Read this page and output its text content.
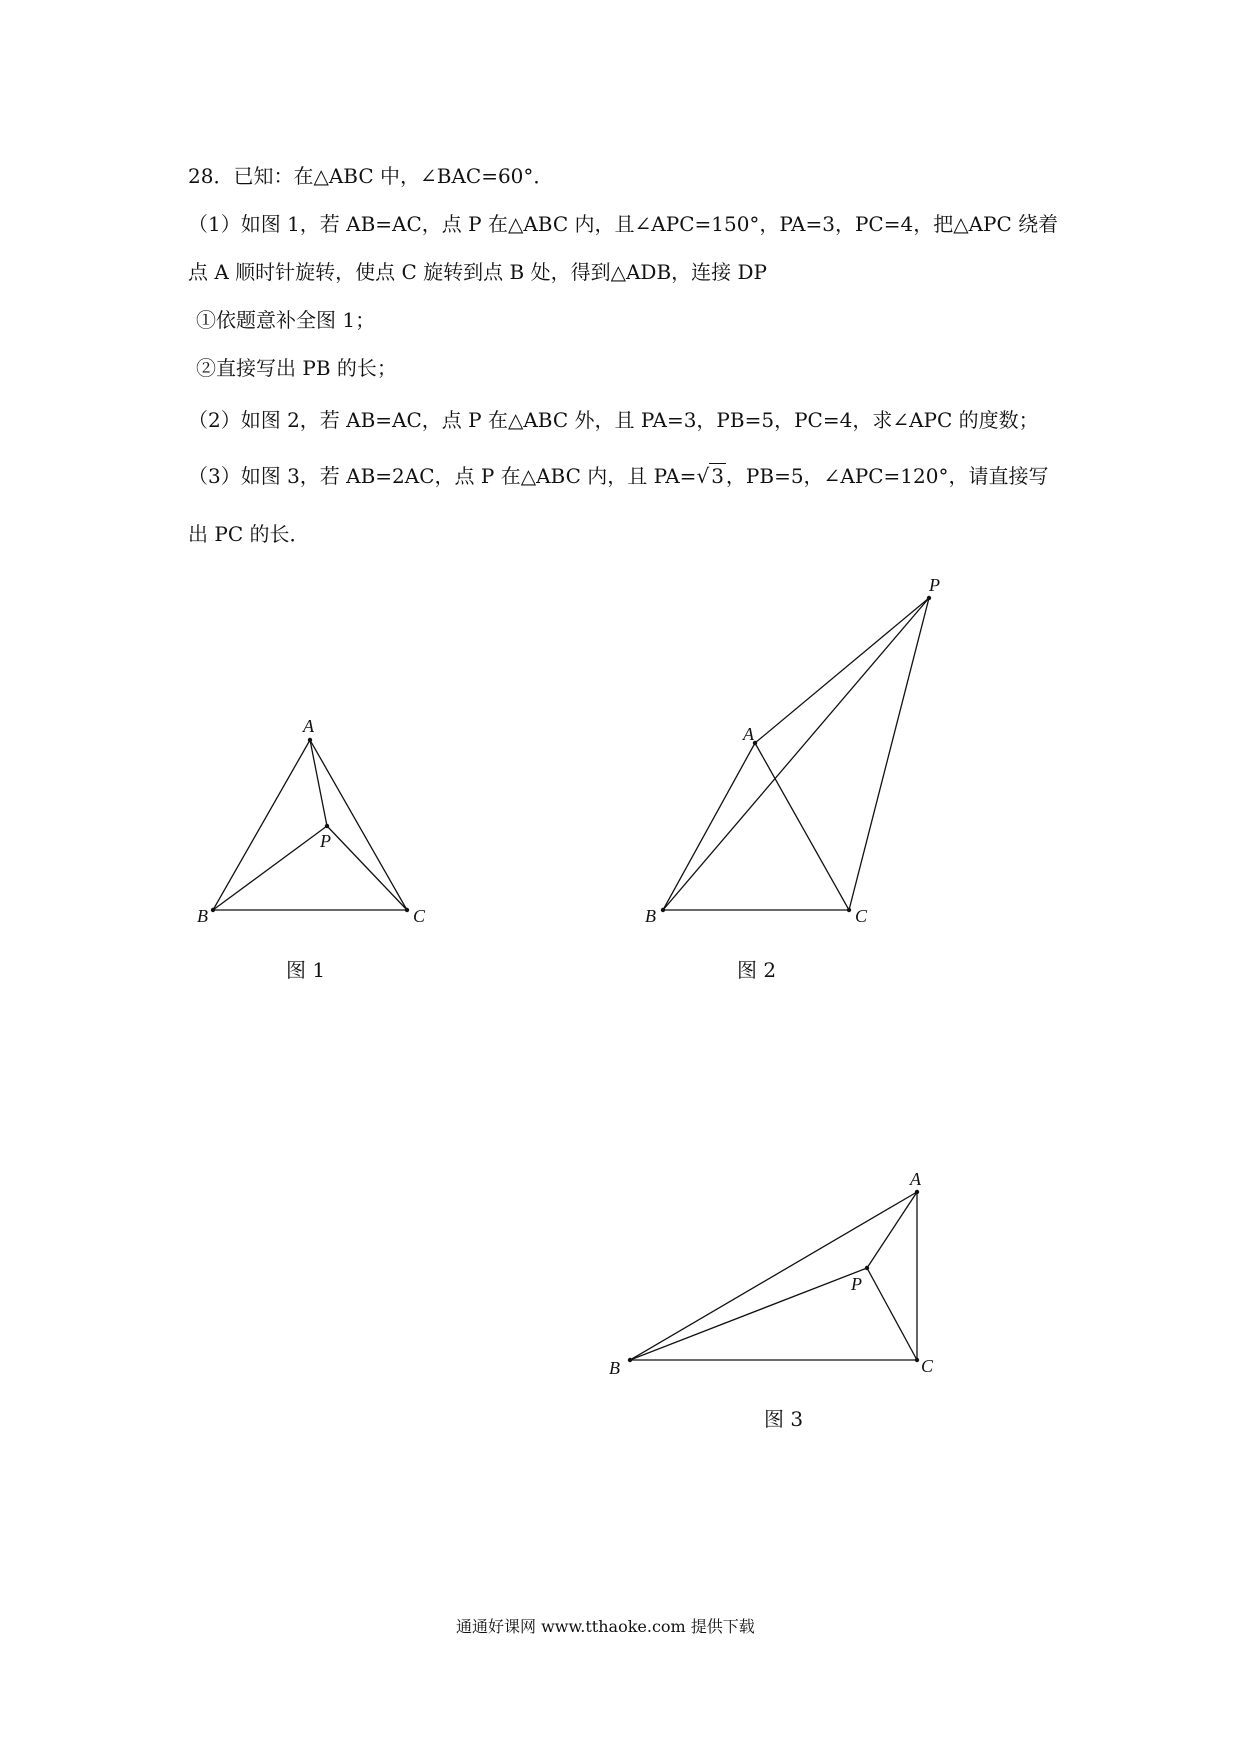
28．已知：在△ABC 中，∠BAC=60°．
（1）如图 1，若 AB=AC，点 P 在△ABC 内，且∠APC=150°，PA=3，PC=4，把△APC 绕着
点 A 顺时针旋转，使点 C 旋转到点 B 处，得到△ADB，连接 DP
①依题意补全图 1；
②直接写出 PB 的长；
（2）如图 2，若 AB=AC，点 P 在△ABC 外，且 PA=3，PB=5，PC=4，求∠APC 的度数；
（3）如图 3，若 AB=2AC，点 P 在△ABC 内，且 PA=√ 3 ，PB=5，∠APC=120°，请直接写
出 PC 的长．
A
B	C
P
A
B	C
P
A
B	C
P
图 1	图 2
图 3
通通好课网 www.tthaoke.com 提供下载
